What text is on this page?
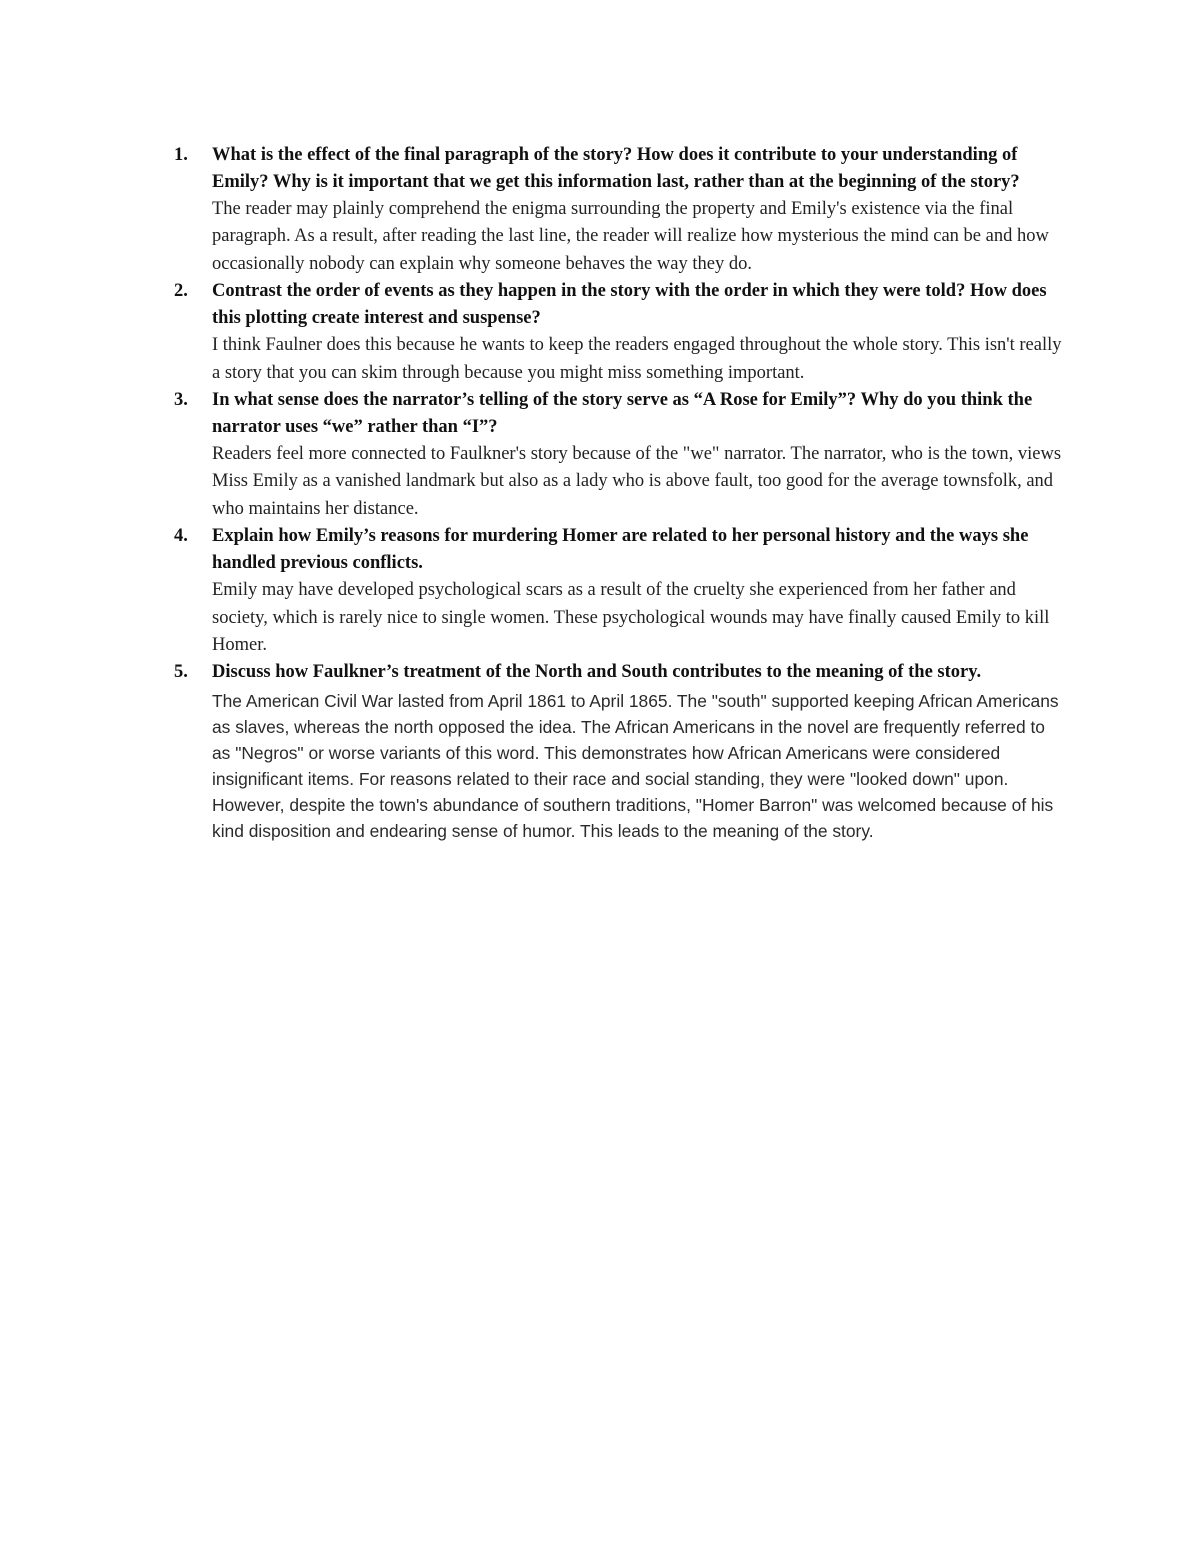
1. What is the effect of the final paragraph of the story? How does it contribute to your understanding of Emily? Why is it important that we get this information last, rather than at the beginning of the story?

The reader may plainly comprehend the enigma surrounding the property and Emily's existence via the final paragraph. As a result, after reading the last line, the reader will realize how mysterious the mind can be and how occasionally nobody can explain why someone behaves the way they do.

2. Contrast the order of events as they happen in the story with the order in which they were told? How does this plotting create interest and suspense?

I think Faulner does this because he wants to keep the readers engaged throughout the whole story. This isn't really a story that you can skim through because you might miss something important.

3. In what sense does the narrator’s telling of the story serve as “A Rose for Emily”? Why do you think the narrator uses “we” rather than “I”?

Readers feel more connected to Faulkner's story because of the "we" narrator. The narrator, who is the town, views Miss Emily as a vanished landmark but also as a lady who is above fault, too good for the average townsfolk, and who maintains her distance.

4. Explain how Emily’s reasons for murdering Homer are related to her personal history and the ways she handled previous conflicts.

Emily may have developed psychological scars as a result of the cruelty she experienced from her father and society, which is rarely nice to single women. These psychological wounds may have finally caused Emily to kill Homer.

5. Discuss how Faulkner’s treatment of the North and South contributes to the meaning of the story.

The American Civil War lasted from April 1861 to April 1865. The "south" supported keeping African Americans as slaves, whereas the north opposed the idea. The African Americans in the novel are frequently referred to as "Negros" or worse variants of this word. This demonstrates how African Americans were considered insignificant items. For reasons related to their race and social standing, they were "looked down" upon. However, despite the town's abundance of southern traditions, "Homer Barron" was welcomed because of his kind disposition and endearing sense of humor. This leads to the meaning of the story.
